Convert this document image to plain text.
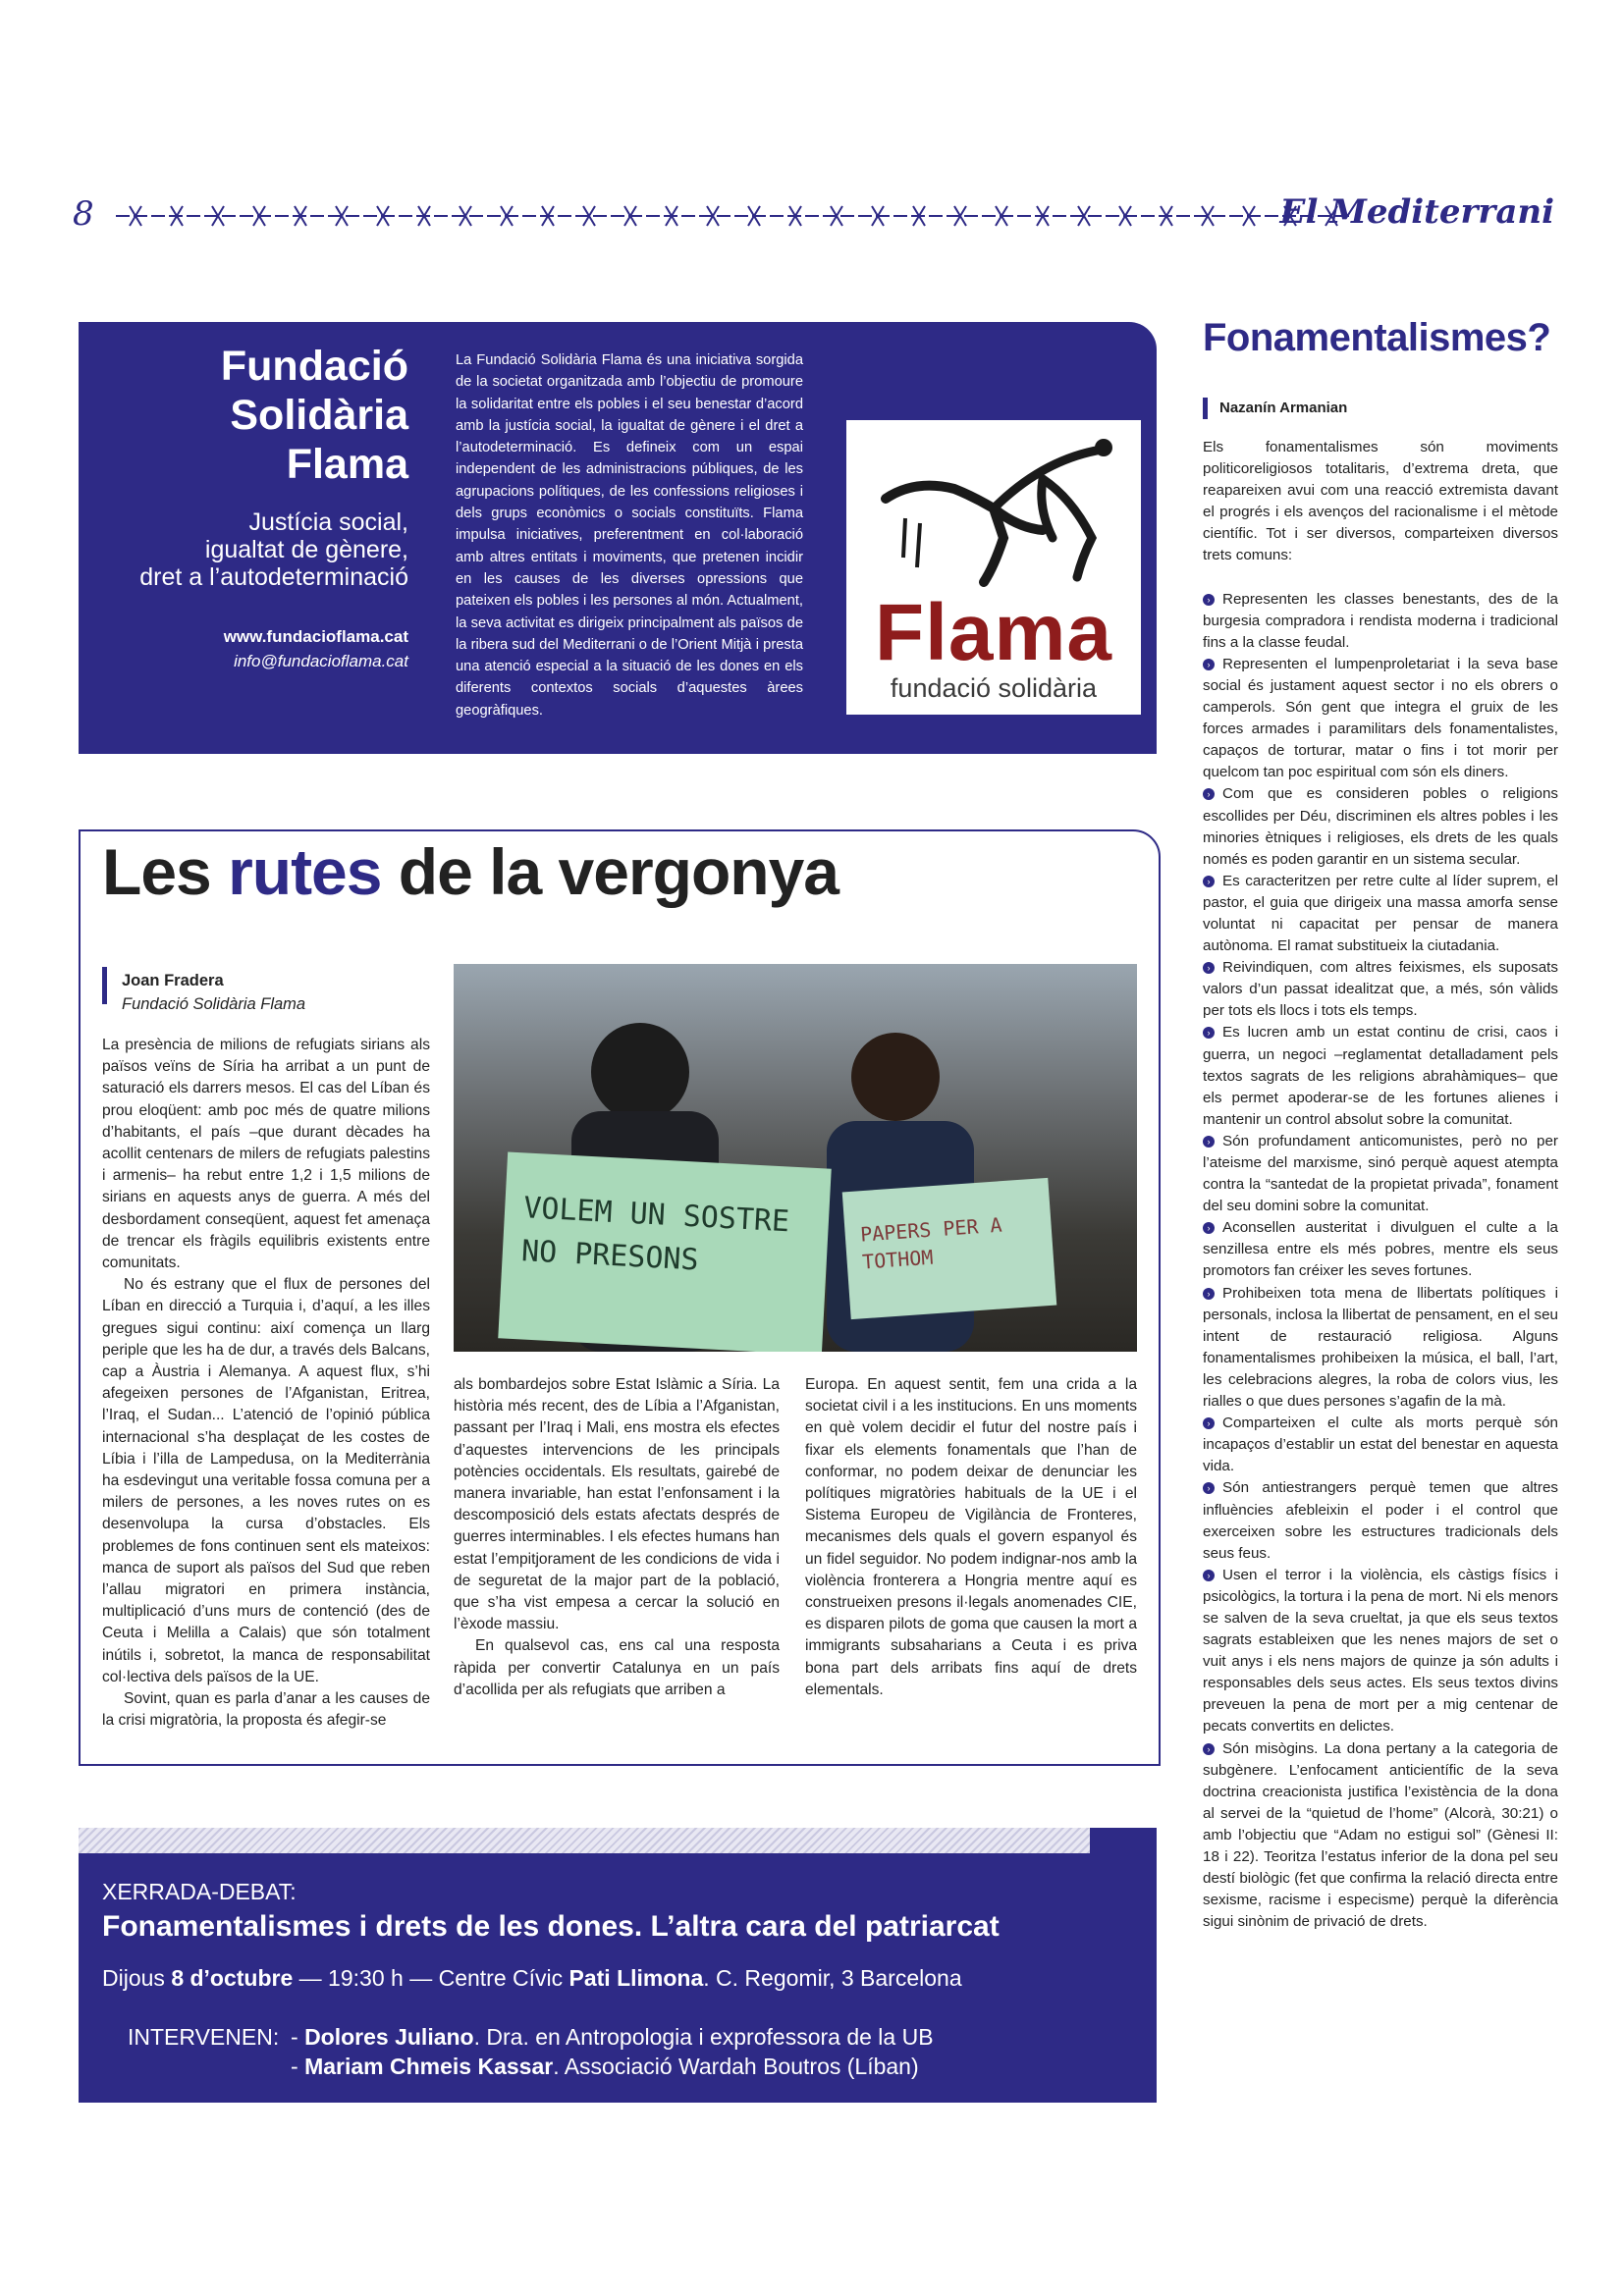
8	El Mediterrani
Fundació
Solidària
Flama
Justícia social,
igualtat de gènere,
dret a l’autodeterminació
www.fundacioflama.cat
info@fundacioflama.cat
La Fundació Solidària Flama és una iniciativa sorgida de la societat organitzada amb l’objectiu de promoure la solidaritat entre els pobles i el seu benestar d’acord amb la justícia social, la igualtat de gènere i el dret a l’autodeterminació. Es defineix com un espai independent de les administracions públiques, de les agrupacions polítiques, de les confessions religioses i dels grups econòmics o socials constituïts. Flama impulsa iniciatives, preferentment en col·laboració amb altres entitats i moviments, que pretenen incidir en les causes de les diverses opressions que pateixen els pobles i les persones al món. Actualment, la seva activitat es dirigeix principalment als països de la ribera sud del Mediterrani o de l’Orient Mitjà i presta una atenció especial a la situació de les dones en els diferents contextos socials d’aquestes àrees geogràfiques.
Flama
fundació solidària
Les rutes de la vergonya
Joan Fradera
Fundació Solidària Flama

La presència de milions de refugiats sirians als països veïns de Síria ha arribat a un punt de saturació els darrers mesos. El cas del Líban és prou eloqüent: amb poc més de quatre milions d’habitants, el país –que durant dècades ha acollit centenars de milers de refugiats palestins i armenis– ha rebut entre 1,2 i 1,5 milions de sirians en aquests anys de guerra. A més del desbordament conseqüent, aquest fet amenaça de trencar els fràgils equilibris existents entre comunitats.

No és estrany que el flux de persones del Líban en direcció a Turquia i, d’aquí, a les illes gregues sigui continu: així comença un llarg periple que les ha de dur, a través dels Balcans, cap a Àustria i Alemanya. A aquest flux, s’hi afegeixen persones de l’Afganistan, Eritrea, l’Iraq, el Sudan... L’atenció de l’opinió pública internacional s’ha desplaçat de les costes de Líbia i l’illa de Lampedusa, on la Mediterrània ha esdevingut una veritable fossa comuna per a milers de persones, a les noves rutes on es desenvolupa la cursa d’obstacles. Els problemes de fons continuen sent els mateixos: manca de suport als països del Sud que reben l’allau migratori en primera instància, multiplicació d’uns murs de contenció (des de Ceuta i Melilla a Calais) que són totalment inútils i, sobretot, la manca de responsabilitat col·lectiva dels països de la UE.

Sovint, quan es parla d’anar a les causes de la crisi migratòria, la proposta és afegir-se

VOLEM UN SOSTRE NO PRESONS
PAPERS PER A TOTHOM

als bombardejos sobre Estat Islàmic a Síria. La història més recent, des de Líbia a l’Afganistan, passant per l’Iraq i Mali, ens mostra els efectes d’aquestes intervencions de les principals potències occidentals. Els resultats, gairebé de manera invariable, han estat l’enfonsament i la descomposició dels estats afectats després de guerres interminables. I els efectes humans han estat l’empitjorament de les condicions de vida i de seguretat de la major part de la població, que s’ha vist empesa a cercar la solució en l’èxode massiu.

En qualsevol cas, ens cal una resposta ràpida per convertir Catalunya en un país d’acollida per als refugiats que arriben a

Europa. En aquest sentit, fem una crida a la societat civil i a les institucions. En uns moments en què volem decidir el futur del nostre país i fixar els elements fonamentals que l’han de conformar, no podem deixar de denunciar les polítiques migratòries habituals de la UE i el Sistema Europeu de Vigilància de Fronteres, mecanismes dels quals el govern espanyol és un fidel seguidor. No podem indignar-nos amb la violència fronterera a Hongria mentre aquí es construeixen presons il·legals anomenades CIE, es disparen pilots de goma que causen la mort a immigrants subsaharians a Ceuta i es priva bona part dels arribats fins aquí de drets elementals.

Fonamentalismes?
Nazanín Armanian

Els fonamentalismes són moviments politicoreligiosos totalitaris, d’extrema dreta, que reapareixen avui com una reacció extremista davant el progrés i els avenços del racionalisme i el mètode científic. Tot i ser diversos, comparteixen diversos trets comuns:

› Representen les classes benestants, des de la burgesia compradora i rendista moderna i tradicional fins a la classe feudal.
› Representen el lumpenproletariat i la seva base social és justament aquest sector i no els obrers o camperols. Són gent que integra el gruix de les forces armades i paramilitars dels fonamentalistes, capaços de torturar, matar o fins i tot morir per quelcom tan poc espiritual com són els diners.
› Com que es consideren pobles o religions escollides per Déu, discriminen els altres pobles i les minories ètniques i religioses, els drets de les quals només es poden garantir en un sistema secular.
› Es caracteritzen per retre culte al líder suprem, el pastor, el guia que dirigeix una massa amorfa sense voluntat ni capacitat per pensar de manera autònoma. El ramat substitueix la ciutadania.
› Reivindiquen, com altres feixismes, els suposats valors d’un passat idealitzat que, a més, són vàlids per tots els llocs i tots els temps.
› Es lucren amb un estat continu de crisi, caos i guerra, un negoci –reglamentat detalladament pels textos sagrats de les religions abrahàmiques– que els permet apoderar-se de les fortunes alienes i mantenir un control absolut sobre la comunitat.
› Són profundament anticomunistes, però no per l’ateisme del marxisme, sinó perquè aquest atempta contra la “santedat de la propietat privada”, fonament del seu domini sobre la comunitat.
› Aconsellen austeritat i divulguen el culte a la senzillesa entre els més pobres, mentre els seus promotors fan créixer les seves fortunes.
› Prohibeixen tota mena de llibertats polítiques i personals, inclosa la llibertat de pensament, en el seu intent de restauració religiosa. Alguns fonamentalismes prohibeixen la música, el ball, l’art, les celebracions alegres, la roba de colors vius, les rialles o que dues persones s’agafin de la mà.
› Comparteixen el culte als morts perquè són incapaços d’establir un estat del benestar en aquesta vida.
› Són antiestrangers perquè temen que altres influències afebleixin el poder i el control que exerceixen sobre les estructures tradicionals dels seus feus.
› Usen el terror i la violència, els càstigs físics i psicològics, la tortura i la pena de mort. Ni els menors se salven de la seva crueltat, ja que els seus textos sagrats estableixen que les nenes majors de set o vuit anys i els nens majors de quinze ja són adults i responsables dels seus actes. Els seus textos divins preveuen la pena de mort per a mig centenar de pecats convertits en delictes.
› Són misògins. La dona pertany a la categoria de subgènere. L’enfocament anticientífic de la seva doctrina creacionista justifica l’existència de la dona al servei de la “quietud de l’home” (Alcorà, 30:21) o amb l’objectiu que “Adam no estigui sol” (Gènesi II: 18 i 22). Teoritza l’estatus inferior de la dona pel seu destí biològic (fet que confirma la relació directa entre sexisme, racisme i especisme) perquè la diferència sigui sinònim de privació de drets.
XERRADA-DEBAT:
Fonamentalismes i drets de les dones. L’altra cara del patriarcat
Dijous 8 d’octubre — 19:30 h — Centre Cívic Pati Llimona. C. Regomir, 3 Barcelona
INTERVENEN: - Dolores Juliano. Dra. en Antropologia i exprofessora de la UB
- Mariam Chmeis Kassar. Associació Wardah Boutros (Líban)
